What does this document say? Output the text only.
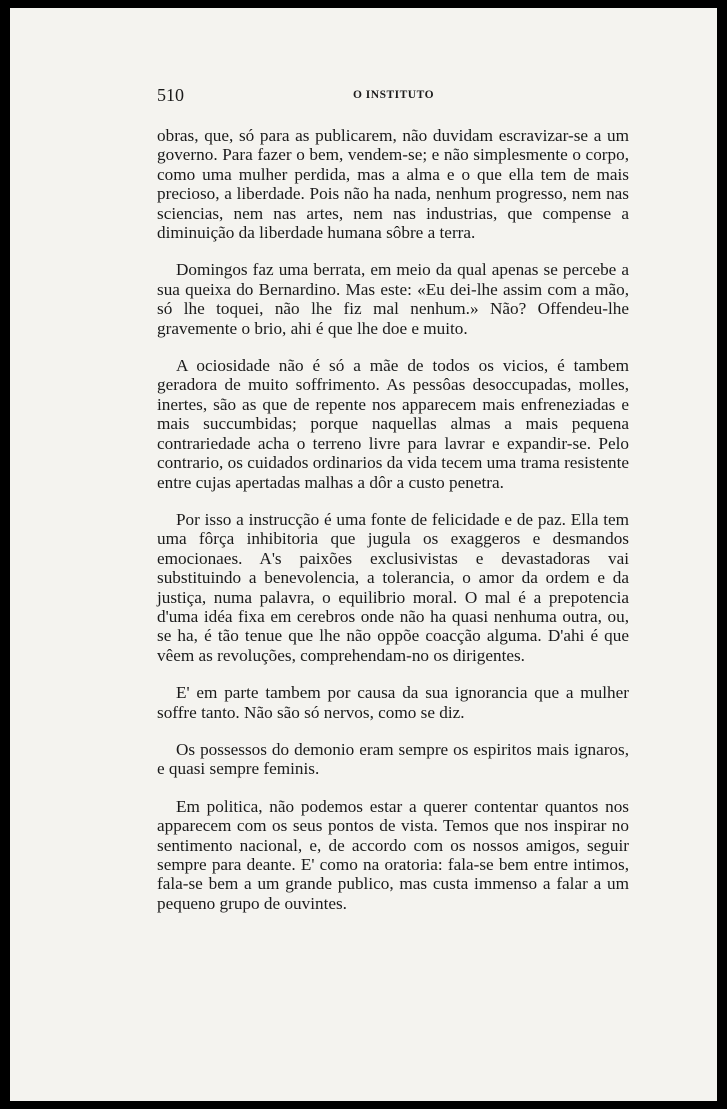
510	O INSTITUTO

obras, que, só para as publicarem, não duvidam escravizar-se a um governo. Para fazer o bem, vendem-se; e não simplesmente o corpo, como uma mulher perdida, mas a alma e o que ella tem de mais precioso, a liberdade. Pois não ha nada, nenhum progresso, nem nas sciencias, nem nas artes, nem nas industrias, que compense a diminuição da liberdade humana sôbre a terra.

Domingos faz uma berrata, em meio da qual apenas se percebe a sua queixa do Bernardino. Mas este: «Eu dei-lhe assim com a mão, só lhe toquei, não lhe fiz mal nenhum.» Não? Offendeu-lhe gravemente o brio, ahi é que lhe doe e muito.

A ociosidade não é só a mãe de todos os vicios, é tambem geradora de muito soffrimento. As pessôas desoccupadas, molles, inertes, são as que de repente nos apparecem mais enfreneziadas e mais succumbidas; porque naquellas almas a mais pequena contrariedade acha o terreno livre para lavrar e expandir-se. Pelo contrario, os cuidados ordinarios da vida tecem uma trama resistente entre cujas apertadas malhas a dôr a custo penetra.

Por isso a instrucção é uma fonte de felicidade e de paz. Ella tem uma fôrça inhibitoria que jugula os exaggeros e desmandos emocionaes. A's paixões exclusivistas e devastadoras vai substituindo a benevolencia, a tolerancia, o amor da ordem e da justiça, numa palavra, o equilibrio moral. O mal é a prepotencia d'uma idéa fixa em cerebros onde não ha quasi nenhuma outra, ou, se ha, é tão tenue que lhe não oppõe coacção alguma. D'ahi é que vêem as revoluções, comprehendam-no os dirigentes.

E' em parte tambem por causa da sua ignorancia que a mulher soffre tanto. Não são só nervos, como se diz.

Os possessos do demonio eram sempre os espiritos mais ignaros, e quasi sempre feminis.

Em politica, não podemos estar a querer contentar quantos nos apparecem com os seus pontos de vista. Temos que nos inspirar no sentimento nacional, e, de accordo com os nossos amigos, seguir sempre para deante. E' como na oratoria: fala-se bem entre intimos, fala-se bem a um grande publico, mas custa immenso a falar a um pequeno grupo de ouvintes.
